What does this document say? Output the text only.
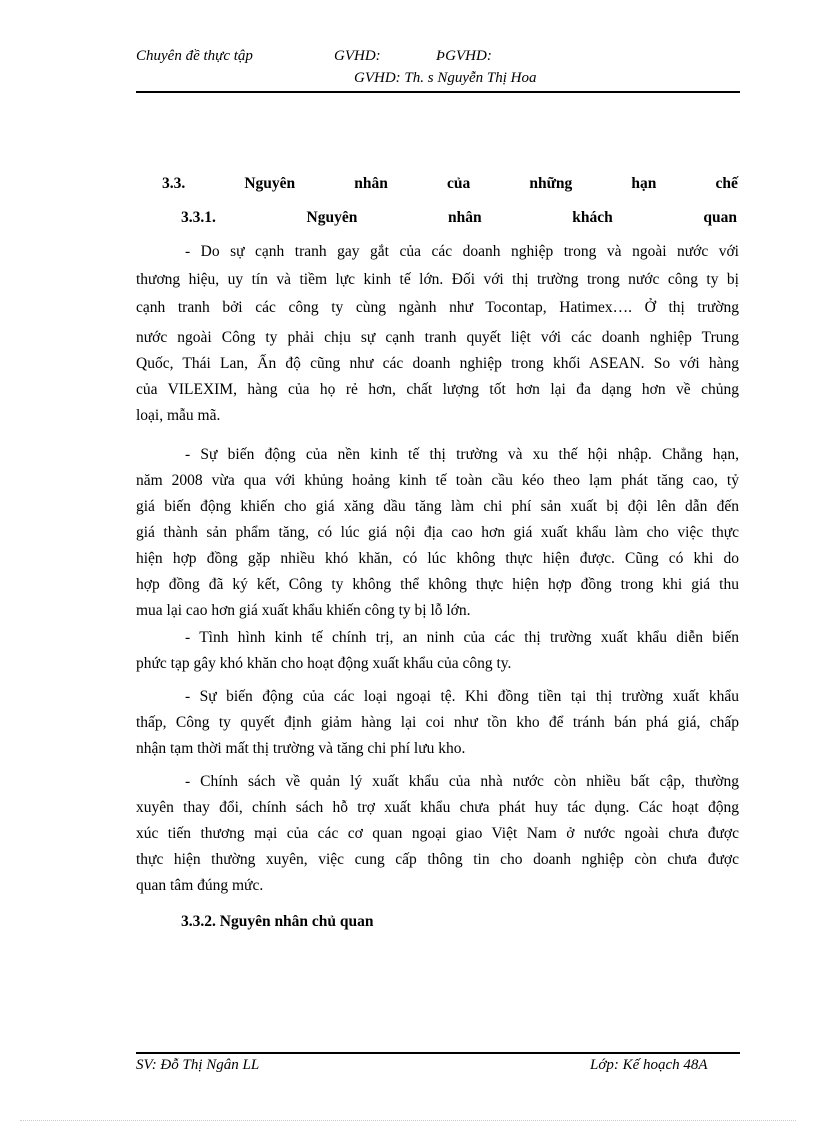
Chuyên đề thực tập	GVHD:	ÞGVHD:
GVHD: Th. s Nguyễn Thị Hoa
3.3.	Nguyên	nhân	của	những	hạn	chế
3.3.1.	Nguyên	nhân	khách	quan
- Do sự cạnh tranh gay gắt của các doanh nghiệp trong và ngoài nước với
thương hiệu, uy tín và tiềm lực kinh tế lớn. Đối với thị trường trong nước công ty bị
cạnh tranh bởi các công ty cùng ngành như Tocontap, Hatimex…. Ở thị trường
nước ngoài Công ty phải chịu sự cạnh tranh quyết liệt với các doanh nghiệp Trung
Quốc, Thái Lan, Ấn độ cũng như các doanh nghiệp trong khối ASEAN. So với hàng
của VILEXIM, hàng của họ rẻ hơn, chất lượng tốt hơn lại đa dạng hơn về chủng
loại, mẫu mã.
- Sự biến động của nền kinh tế thị trường và xu thế hội nhập. Chẳng hạn,
năm 2008 vừa qua với khủng hoảng kinh tế toàn cầu kéo theo lạm phát tăng cao, tỷ
giá biến động khiến cho giá xăng dầu tăng làm chi phí sản xuất bị đội lên dẫn đến
giá thành sản phẩm tăng, có lúc giá nội địa cao hơn giá xuất khẩu làm cho việc thực
hiện hợp đồng gặp nhiều khó khăn, có lúc không thực hiện được. Cũng có khi do
hợp đồng đã ký kết, Công ty không thể không thực hiện hợp đồng trong khi giá thu
mua lại cao hơn giá xuất khẩu khiến công ty bị lỗ lớn.
- Tình hình kinh tế chính trị, an ninh của các thị trường xuất khẩu diễn biến
phức tạp gây khó khăn cho hoạt động xuất khẩu của công ty.
- Sự biến động của các loại ngoại tệ. Khi đồng tiền tại thị trường xuất khẩu
thấp, Công ty quyết định giảm hàng lại coi như tồn kho để tránh bán phá giá, chấp
nhận tạm thời mất thị trường và tăng chi phí lưu kho.
- Chính sách về quản lý xuất khẩu của nhà nước còn nhiều bất cập, thường
xuyên thay đổi, chính sách hỗ trợ xuất khẩu chưa phát huy tác dụng. Các hoạt động
xúc tiến thương mại của các cơ quan ngoại giao Việt Nam ở nước ngoài chưa được
thực hiện thường xuyên, việc cung cấp thông tin cho doanh nghiệp còn chưa được
quan tâm đúng mức.
3.3.2. Nguyên nhân chủ quan
SV: Đỗ Thị Ngân LL	Lớp: Kế hoạch 48A
